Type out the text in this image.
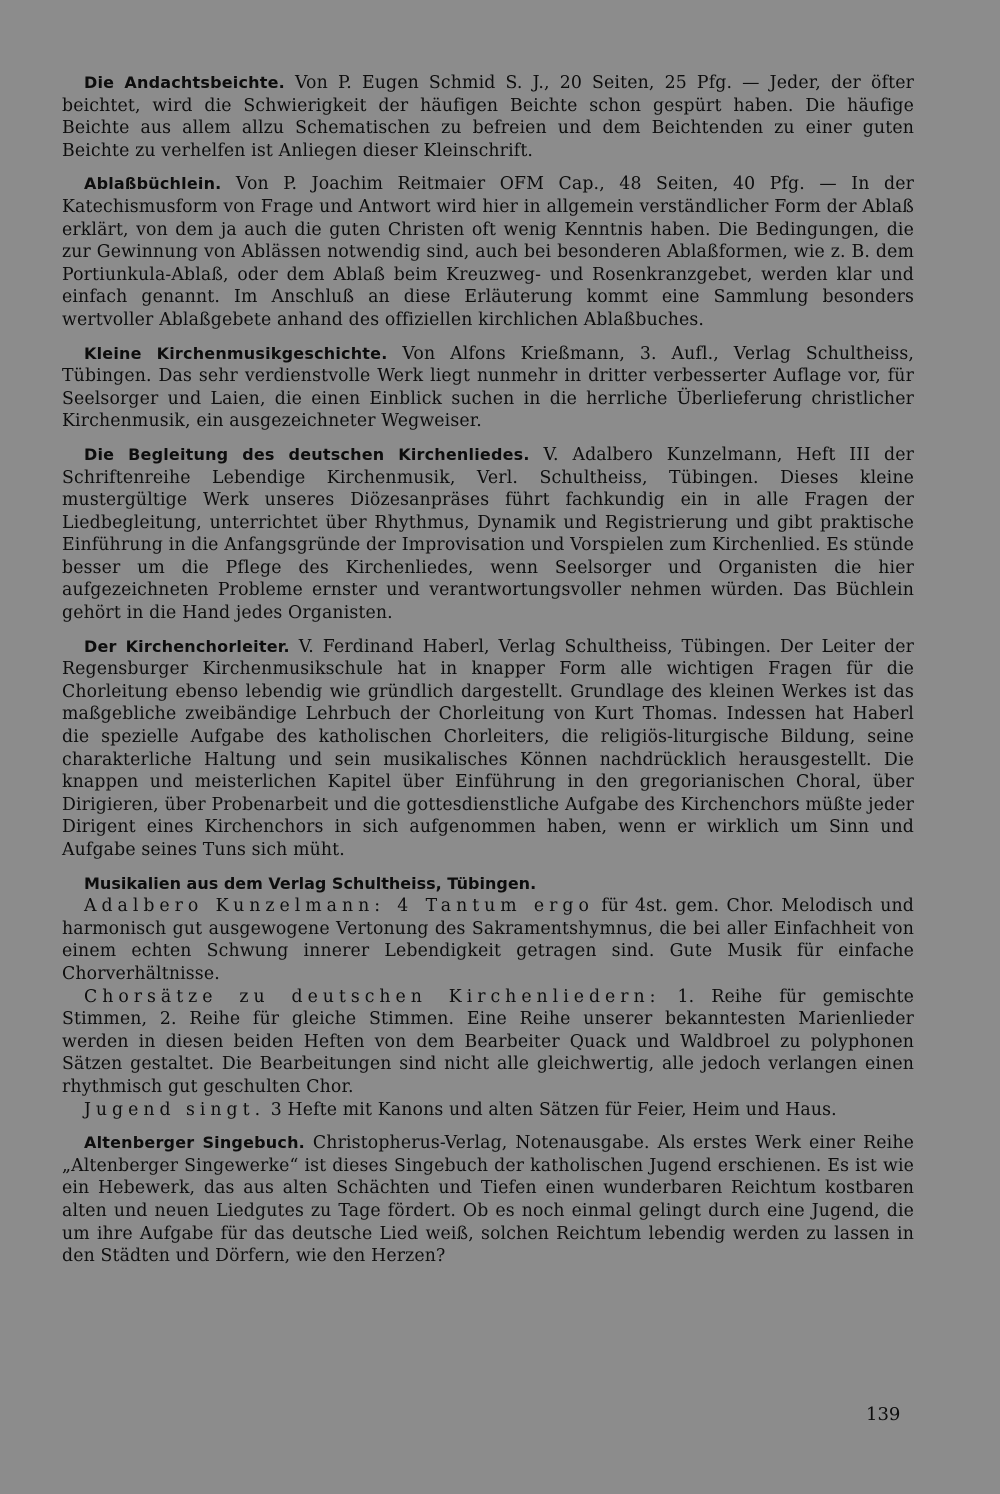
Die Andachtsbeichte. Von P. Eugen Schmid S. J., 20 Seiten, 25 Pfg. — Jeder, der öfter beichtet, wird die Schwierigkeit der häufigen Beichte schon gespürt haben. Die häufige Beichte aus allem allzu Schematischen zu befreien und dem Beichtenden zu einer guten Beichte zu verhelfen ist Anliegen dieser Kleinschrift.

Ablaßbüchlein. Von P. Joachim Reitmaier OFM Cap., 48 Seiten, 40 Pfg. — In der Katechismusform von Frage und Antwort wird hier in allgemein verständlicher Form der Ablaß erklärt, von dem ja auch die guten Christen oft wenig Kenntnis haben. Die Bedingungen, die zur Gewinnung von Ablässen notwendig sind, auch bei besonderen Ablaßformen, wie z. B. dem Portiunkula-Ablaß, oder dem Ablaß beim Kreuzweg- und Rosenkranzgebet, werden klar und einfach genannt. Im Anschluß an diese Erläuterung kommt eine Sammlung besonders wertvoller Ablaßgebete anhand des offiziellen kirchlichen Ablaßbuches.

Kleine Kirchenmusikgeschichte. Von Alfons Krießmann, 3. Aufl., Verlag Schultheiss, Tübingen. Das sehr verdienstvolle Werk liegt nunmehr in dritter verbesserter Auflage vor, für Seelsorger und Laien, die einen Einblick suchen in die herrliche Überlieferung christlicher Kirchenmusik, ein ausgezeichneter Wegweiser.

Die Begleitung des deutschen Kirchenliedes. V. Adalbero Kunzelmann, Heft III der Schriftenreihe Lebendige Kirchenmusik, Verl. Schultheiss, Tübingen. Dieses kleine mustergültige Werk unseres Diözesanpräses führt fachkundig ein in alle Fragen der Liedbegleitung, unterrichtet über Rhythmus, Dynamik und Registrierung und gibt praktische Einführung in die Anfangsgründe der Improvisation und Vorspielen zum Kirchenlied. Es stünde besser um die Pflege des Kirchenliedes, wenn Seelsorger und Organisten die hier aufgezeichneten Probleme ernster und verantwortungsvoller nehmen würden. Das Büchlein gehört in die Hand jedes Organisten.

Der Kirchenchorleiter. V. Ferdinand Haberl, Verlag Schultheiss, Tübingen. Der Leiter der Regensburger Kirchenmusikschule hat in knapper Form alle wichtigen Fragen für die Chorleitung ebenso lebendig wie gründlich dargestellt. Grundlage des kleinen Werkes ist das maßgebliche zweibändige Lehrbuch der Chorleitung von Kurt Thomas. Indessen hat Haberl die spezielle Aufgabe des katholischen Chorleiters, die religiös-liturgische Bildung, seine charakterliche Haltung und sein musikalisches Können nachdrücklich herausgestellt. Die knappen und meisterlichen Kapitel über Einführung in den gregorianischen Choral, über Dirigieren, über Probenarbeit und die gottesdienstliche Aufgabe des Kirchenchors müßte jeder Dirigent eines Kirchenchors in sich aufgenommen haben, wenn er wirklich um Sinn und Aufgabe seines Tuns sich müht.

Musikalien aus dem Verlag Schultheiss, Tübingen.

Adalbero Kunzelmann: 4 Tantum ergo für 4st. gem. Chor. Melodisch und harmonisch gut ausgewogene Vertonung des Sakramentshymnus, die bei aller Einfachheit von einem echten Schwung innerer Lebendigkeit getragen sind. Gute Musik für einfache Chorverhältnisse.

Chorsätze zu deutschen Kirchenliedern: 1. Reihe für gemischte Stimmen, 2. Reihe für gleiche Stimmen. Eine Reihe unserer bekanntesten Marienlieder werden in diesen beiden Heften von dem Bearbeiter Quack und Waldbroel zu polyphonen Sätzen gestaltet. Die Bearbeitungen sind nicht alle gleichwertig, alle jedoch verlangen einen rhythmisch gut geschulten Chor.

Jugend singt. 3 Hefte mit Kanons und alten Sätzen für Feier, Heim und Haus.

Altenberger Singebuch. Christopherus-Verlag, Notenausgabe. Als erstes Werk einer Reihe „Altenberger Singewerke“ ist dieses Singebuch der katholischen Jugend erschienen. Es ist wie ein Hebewerk, das aus alten Schächten und Tiefen einen wunderbaren Reichtum kostbaren alten und neuen Liedgutes zu Tage fördert. Ob es noch einmal gelingt durch eine Jugend, die um ihre Aufgabe für das deutsche Lied weiß, solchen Reichtum lebendig werden zu lassen in den Städten und Dörfern, wie den Herzen?

139
